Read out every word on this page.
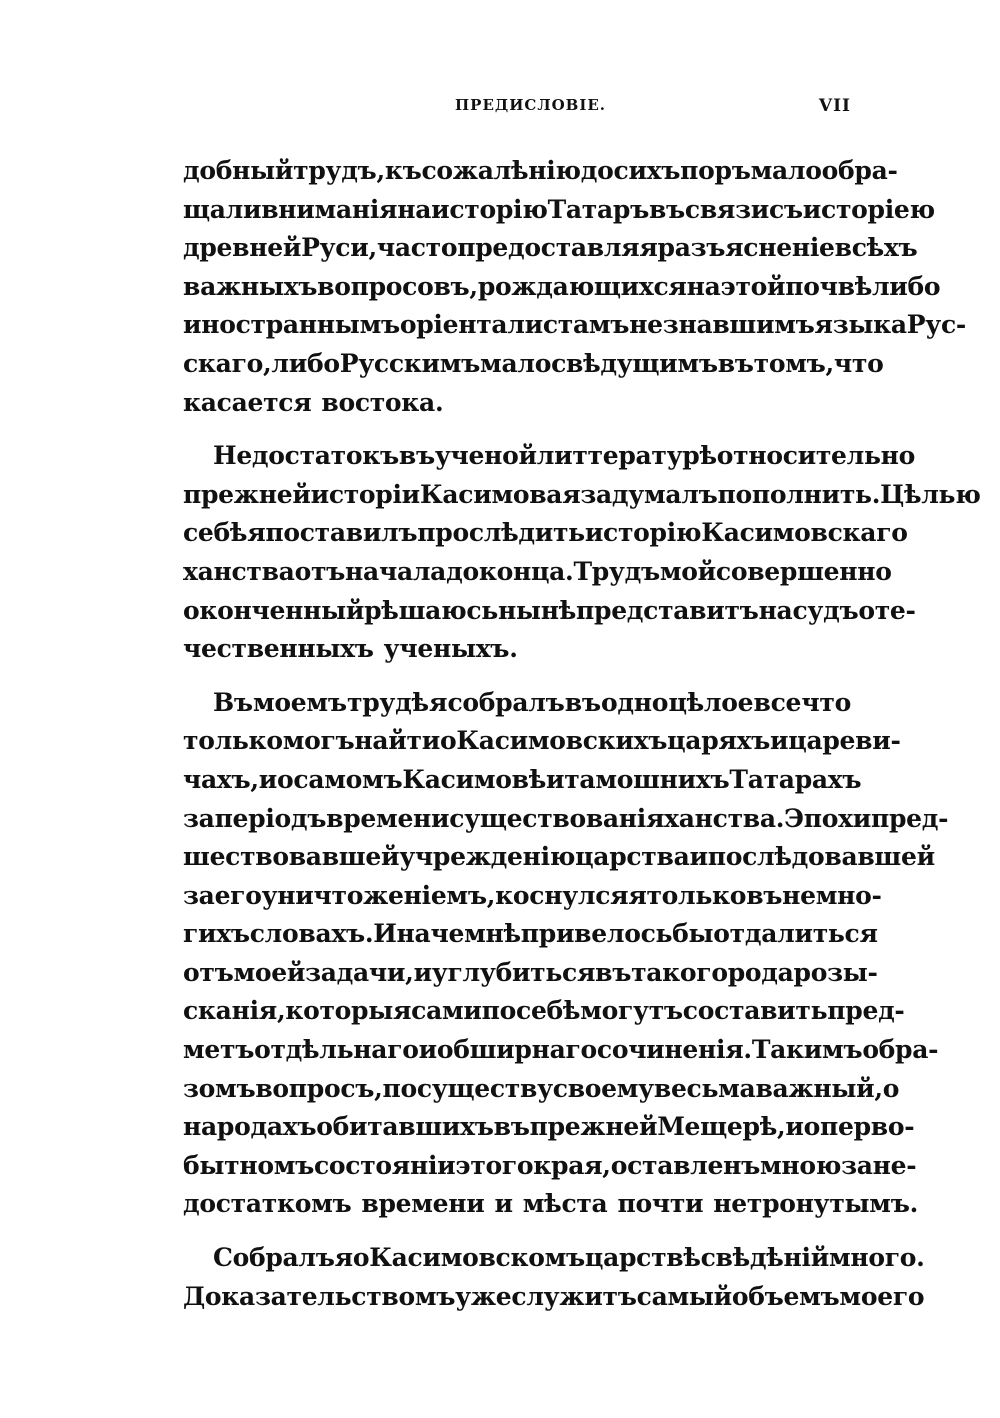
ПРЕДИСЛОВІЕ.	VII
добный трудъ, къ сожалѣнію до сихъ поръ мало обра-
щали вниманія на исторію Татаръ въ связи съ исторіею
древней Руси, часто предоставляя разъясненіе всѣхъ
важныхъ вопросовъ, рождающихся на этой почвѣ либо
иностраннымъ оріенталистамъ незнавшимъ языка Рус-
скаго, либо Русскимъ мало свѣдущимъ въ томъ, что
касается востока.
Недостатокъ въ ученой литтературѣ относительно
прежней исторіи Касимова я задумалъ пополнить. Цѣлью
себѣ я поставилъ прослѣдить исторію Касимовскаго
ханства отъ начала до конца. Трудъ мой совершенно
оконченный рѣшаюсь нынѣ представитъ на судъ оте-
чественныхъ ученыхъ.
Въ моемъ трудѣ я собралъ въ одно цѣлое все что
только могъ найти о Касимовскихъ царяхъ и цареви-
чахъ, и о самомъ Касимовѣ и тамошнихъ Татарахъ
за періодъ времени существованія ханства. Эпохи пред-
шествовавшей учрежденію царства и послѣдовавшей
за его уничтоженіемъ, коснулся я только въ немно-
гихъ словахъ. Иначе мнѣ привелось бы отдалиться
отъ моей задачи, и углубиться въ такого рода розы-
сканія, которыя сами по себѣ могутъ составить пред-
метъ отдѣльнаго и обширнаго сочиненія. Такимъ обра-
зомъ вопросъ, по существу своему весьма важный, о
народахъ обитавшихъ въ прежней Мещерѣ, и о перво-
бытномъ состояніи этого края, оставленъ мною за не-
достаткомъ времени и мѣста почти нетронутымъ.
Собралъ я о Касимовскомъ царствѣ свѣдѣній много.
Доказательствомъ уже служитъ самый объемъ моего
